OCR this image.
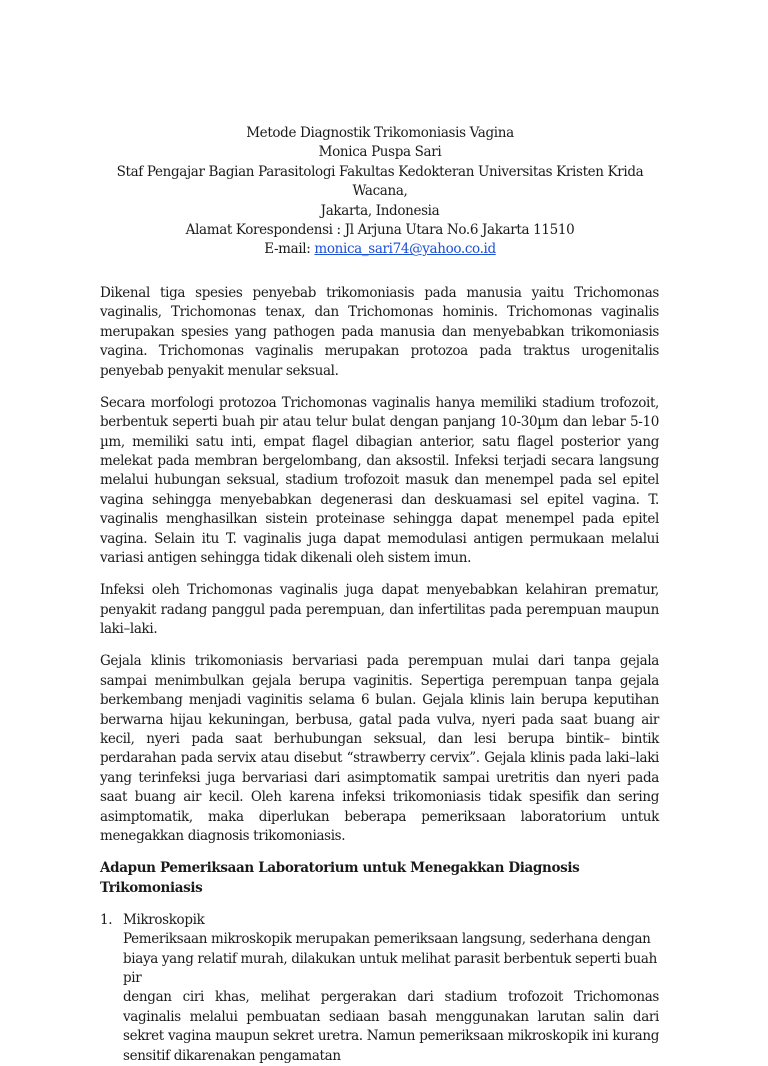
Metode Diagnostik Trikomoniasis Vagina
Monica Puspa Sari
Staf Pengajar Bagian Parasitologi Fakultas Kedokteran Universitas Kristen Krida Wacana,
Jakarta, Indonesia
Alamat Korespondensi : Jl Arjuna Utara No.6 Jakarta 11510
E-mail: monica_sari74@yahoo.co.id

Dikenal tiga spesies penyebab trikomoniasis pada manusia yaitu Trichomonas vaginalis, Trichomonas tenax, dan Trichomonas hominis. Trichomonas vaginalis merupakan spesies yang pathogen pada manusia dan menyebabkan trikomoniasis vagina. Trichomonas vaginalis merupakan protozoa pada traktus urogenitalis penyebab penyakit menular seksual.

Secara morfologi protozoa Trichomonas vaginalis hanya memiliki stadium trofozoit, berbentuk seperti buah pir atau telur bulat dengan panjang 10-30µm dan lebar 5-10 µm, memiliki satu inti, empat flagel dibagian anterior, satu flagel posterior yang melekat pada membran bergelombang, dan aksostil. Infeksi terjadi secara langsung melalui hubungan seksual, stadium trofozoit masuk dan menempel pada sel epitel vagina sehingga menyebabkan degenerasi dan deskuamasi sel epitel vagina. T. vaginalis menghasilkan sistein proteinase sehingga dapat menempel pada epitel vagina. Selain itu T. vaginalis juga dapat memodulasi antigen permukaan melalui variasi antigen sehingga tidak dikenali oleh sistem imun.

Infeksi oleh Trichomonas vaginalis juga dapat menyebabkan kelahiran prematur, penyakit radang panggul pada perempuan, dan infertilitas pada perempuan maupun laki–laki.

Gejala klinis trikomoniasis bervariasi pada perempuan mulai dari tanpa gejala sampai menimbulkan gejala berupa vaginitis. Sepertiga perempuan tanpa gejala berkembang menjadi vaginitis selama 6 bulan. Gejala klinis lain berupa keputihan berwarna hijau kekuningan, berbusa, gatal pada vulva, nyeri pada saat buang air kecil, nyeri pada saat berhubungan seksual, dan lesi berupa bintik– bintik perdarahan pada servix atau disebut “strawberry cervix”. Gejala klinis pada laki–laki yang terinfeksi juga bervariasi dari asimptomatik sampai uretritis dan nyeri pada saat buang air kecil. Oleh karena infeksi trikomoniasis tidak spesifik dan sering asimptomatik, maka diperlukan beberapa pemeriksaan laboratorium untuk menegakkan diagnosis trikomoniasis.

Adapun Pemeriksaan Laboratorium untuk Menegakkan Diagnosis Trikomoniasis
1. Mikroskopik

Pemeriksaan mikroskopik merupakan pemeriksaan langsung, sederhana dengan

biaya yang relatif murah, dilakukan untuk melihat parasit berbentuk seperti buah pir

dengan ciri khas, melihat pergerakan dari stadium trofozoit Trichomonas vaginalis melalui pembuatan sediaan basah menggunakan larutan salin dari sekret vagina maupun sekret uretra. Namun pemeriksaan mikroskopik ini kurang sensitif dikarenakan pengamatan
